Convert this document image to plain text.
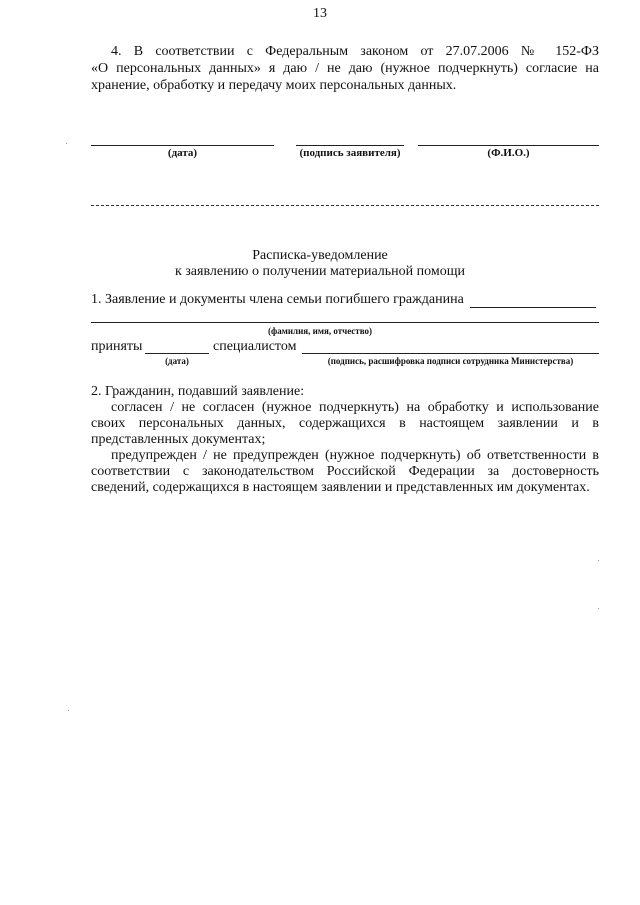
13
4. В соответствии с Федеральным законом от 27.07.2006 № 152-ФЗ
«О персональных данных» я даю / не даю (нужное подчеркнуть) согласие на
хранение, обработку и передачу моих персональных данных.
(дата)	(подпись заявителя)	(Ф.И.О.)
Расписка-уведомление
к заявлению о получении материальной помощи
1. Заявление и документы члена семьи погибшего гражданина
(фамилия, имя, отчество)
приняты	специалистом
(дата)	(подпись, расшифровка подписи сотрудника Министерства)
2. Гражданин, подавший заявление:
согласен / не согласен (нужное подчеркнуть) на обработку и использование
своих персональных данных, содержащихся в настоящем заявлении и в
представленных документах;
предупрежден / не предупрежден (нужное подчеркнуть) об ответственности в
соответствии с законодательством Российской Федерации за достоверность
сведений, содержащихся в настоящем заявлении и представленных им документах.
